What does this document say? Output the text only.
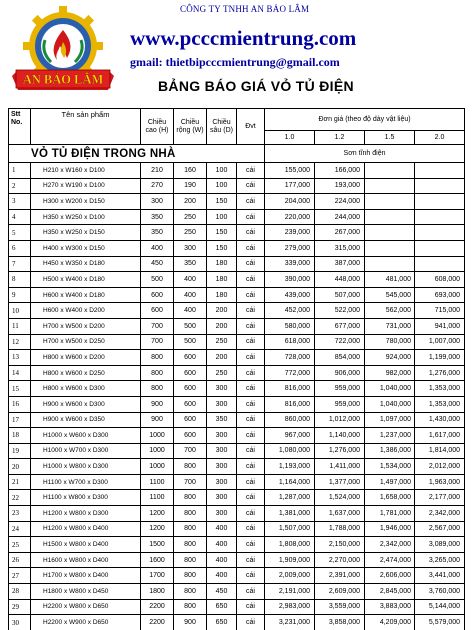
CÔNG TY TNHH AN BẢO LÂM
AN BẢO LÂM
www.pccc​mientrung.com
gmail: thietbipccc​mientrung@gmail.com
BẢNG BÁO GIÁ VỎ TỦ ĐIỆN
Stt No.	Tên sản phẩm	Chiều cao (H)	Chiều rộng (W)	Chiều sâu (D)	Đvt	Đơn giá (theo độ dày vật liệu)			
						1.0	1.2	1.5	2.0
VỎ TỦ ĐIỆN TRONG NHÀ						Sơn tĩnh điện			
1	H210 x W160 x D100	210	160	100	cái	155,000	166,000		
2	H270 x W190 x D100	270	190	100	cái	177,000	193,000		
3	H300 x W200 x D150	300	200	150	cái	204,000	224,000		
4	H350 x W250 x D100	350	250	100	cái	220,000	244,000		
5	H350 x W250 x D150	350	250	150	cái	239,000	267,000		
6	H400 x W300 x D150	400	300	150	cái	279,000	315,000		
7	H450 x W350 x D180	450	350	180	cái	339,000	387,000		
8	H500 x W400 x D180	500	400	180	cái	390,000	448,000	481,000	608,000
9	H600 x W400 x D180	600	400	180	cái	439,000	507,000	545,000	693,000
10	H600 x W400 x D200	600	400	200	cái	452,000	522,000	562,000	715,000
11	H700 x W500 x D200	700	500	200	cái	580,000	677,000	731,000	941,000
12	H700 x W500 x D250	700	500	250	cái	618,000	722,000	780,000	1,007,000
13	H800 x W600 x D200	800	600	200	cái	728,000	854,000	924,000	1,199,000
14	H800 x W600 x D250	800	600	250	cái	772,000	906,000	982,000	1,276,000
15	H800 x W600 x D300	800	600	300	cái	816,000	959,000	1,040,000	1,353,000
16	H900 x W600 x D300	900	600	300	cái	816,000	959,000	1,040,000	1,353,000
17	H900 x W600 x D350	900	600	350	cái	860,000	1,012,000	1,097,000	1,430,000
18	H1000 x W600 x D300	1000	600	300	cái	967,000	1,140,000	1,237,000	1,617,000
19	H1000 x W700 x D300	1000	700	300	cái	1,080,000	1,276,000	1,386,000	1,814,000
20	H1000 x W800 x D300	1000	800	300	cái	1,193,000	1,411,000	1,534,000	2,012,000
21	H1100 x W700 x D300	1100	700	300	cái	1,164,000	1,377,000	1,497,000	1,963,000
22	H1100 x W800 x D300	1100	800	300	cái	1,287,000	1,524,000	1,658,000	2,177,000
23	H1200 x W800 x D300	1200	800	300	cái	1,381,000	1,637,000	1,781,000	2,342,000
24	H1200 x W800 x D400	1200	800	400	cái	1,507,000	1,788,000	1,946,000	2,567,000
25	H1500 x W800 x D400	1500	800	400	cái	1,808,000	2,150,000	2,342,000	3,089,000
26	H1600 x W800 x D400	1600	800	400	cái	1,909,000	2,270,000	2,474,000	3,265,000
27	H1700 x W800 x D400	1700	800	400	cái	2,009,000	2,391,000	2,606,000	3,441,000
28	H1800 x W800 x D450	1800	800	450	cái	2,191,000	2,609,000	2,845,000	3,760,000
29	H2200 x W800 x D650	2200	800	650	cái	2,983,000	3,559,000	3,883,000	5,144,000
30	H2200 x W900 x D650	2200	900	650	cái	3,231,000	3,858,000	4,209,000	5,579,000
